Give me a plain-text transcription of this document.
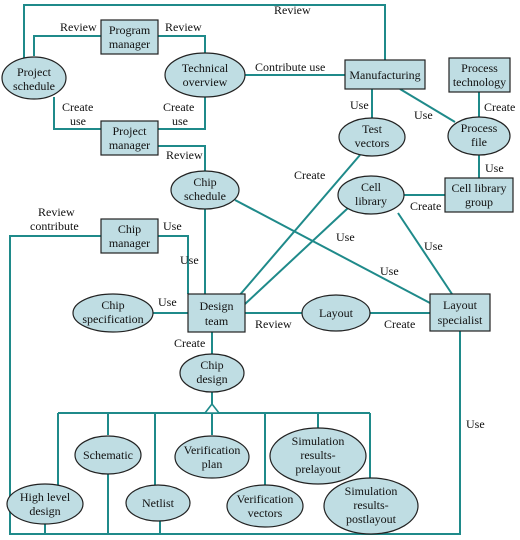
Review
Review	Review
Contribute use
Create
use
Create
use
Use
Use
Create
Use
Review
Create
Create
Review
contribute	Use
Use
Use
Use
Use
Use
Review	Create
Create
Use
Program
manager
Manufacturing	Process
technology
Project
manager
Cell library
group
Chip
manager
Design
team
Layout
specialist
Project
schedule
Technical
overview
Test
vectors
Process
file
Chip
schedule
Cell
library
Chip
specification	Layout
Chip
design
Schematic	Verification
plan
Simulation
results-
prelayout
High level
design
Netlist	Verification
vectors
Simulation
results-
postlayout
